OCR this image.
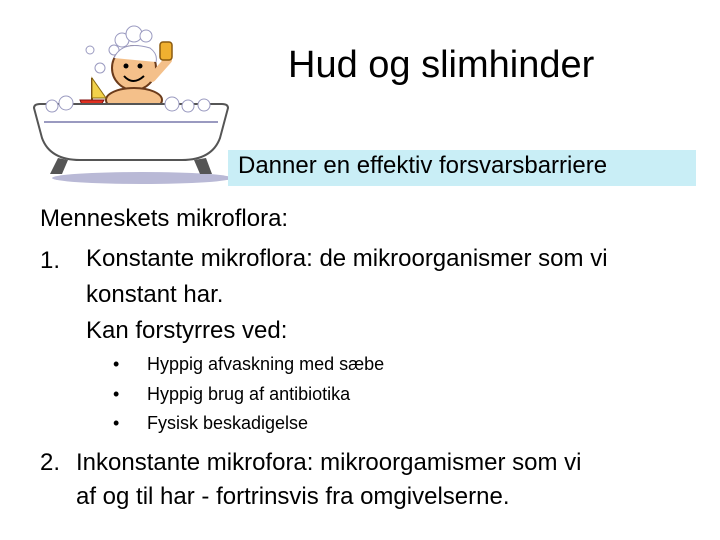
Hud og slimhinder
Danner en effektiv forsvarsbarriere
Menneskets mikroflora:
1. Konstante mikroflora: de mikroorganismer som vi
konstant har.
Kan forstyrres ved:
• Hyppig afvaskning med sæbe
• Hyppig brug af antibiotika
• Fysisk beskadigelse
2. Inkonstante mikrofora: mikroorgamismer som vi
af og til har - fortrinsvis fra omgivelserne.
